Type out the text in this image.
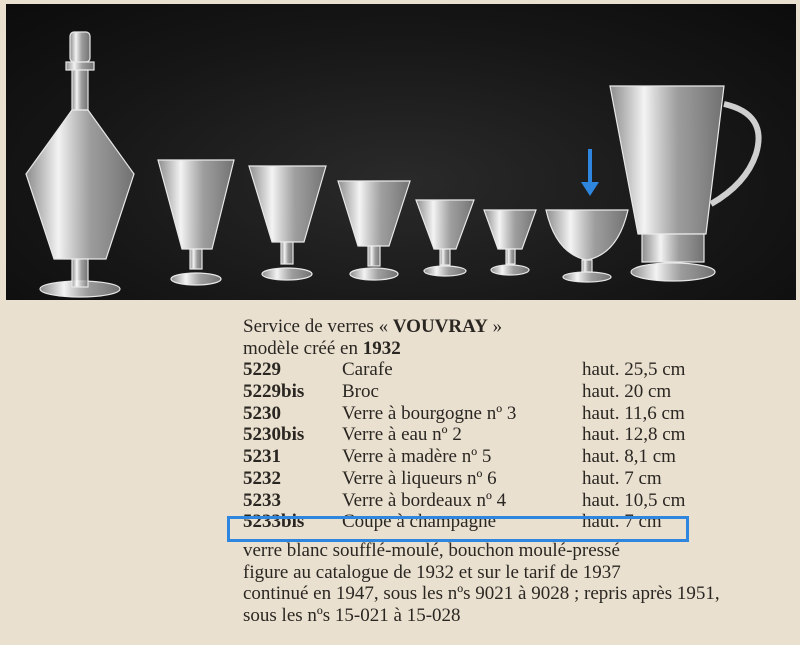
Service de verres « VOUVRAY »
modèle créé en 1932
5229	Carafe	haut. 25,5 cm
5229bis Broc	haut. 20 cm
5230	Verre à bourgogne nº 3	haut. 11,6 cm
5230bis Verre à eau nº 2	haut. 12,8 cm
5231	Verre à madère nº 5	haut. 8,1 cm
5232	Verre à liqueurs nº 6	haut. 7 cm
5233	Verre à bordeaux nº 4	haut. 10,5 cm
5233bis Coupe à champagne	haut. 7 cm
verre blanc soufflé-moulé, bouchon moulé-pressé
figure au catalogue de 1932 et sur le tarif de 1937
continué en 1947, sous les nºs 9021 à 9028 ; repris après 1951,
sous les nºs 15-021 à 15-028
